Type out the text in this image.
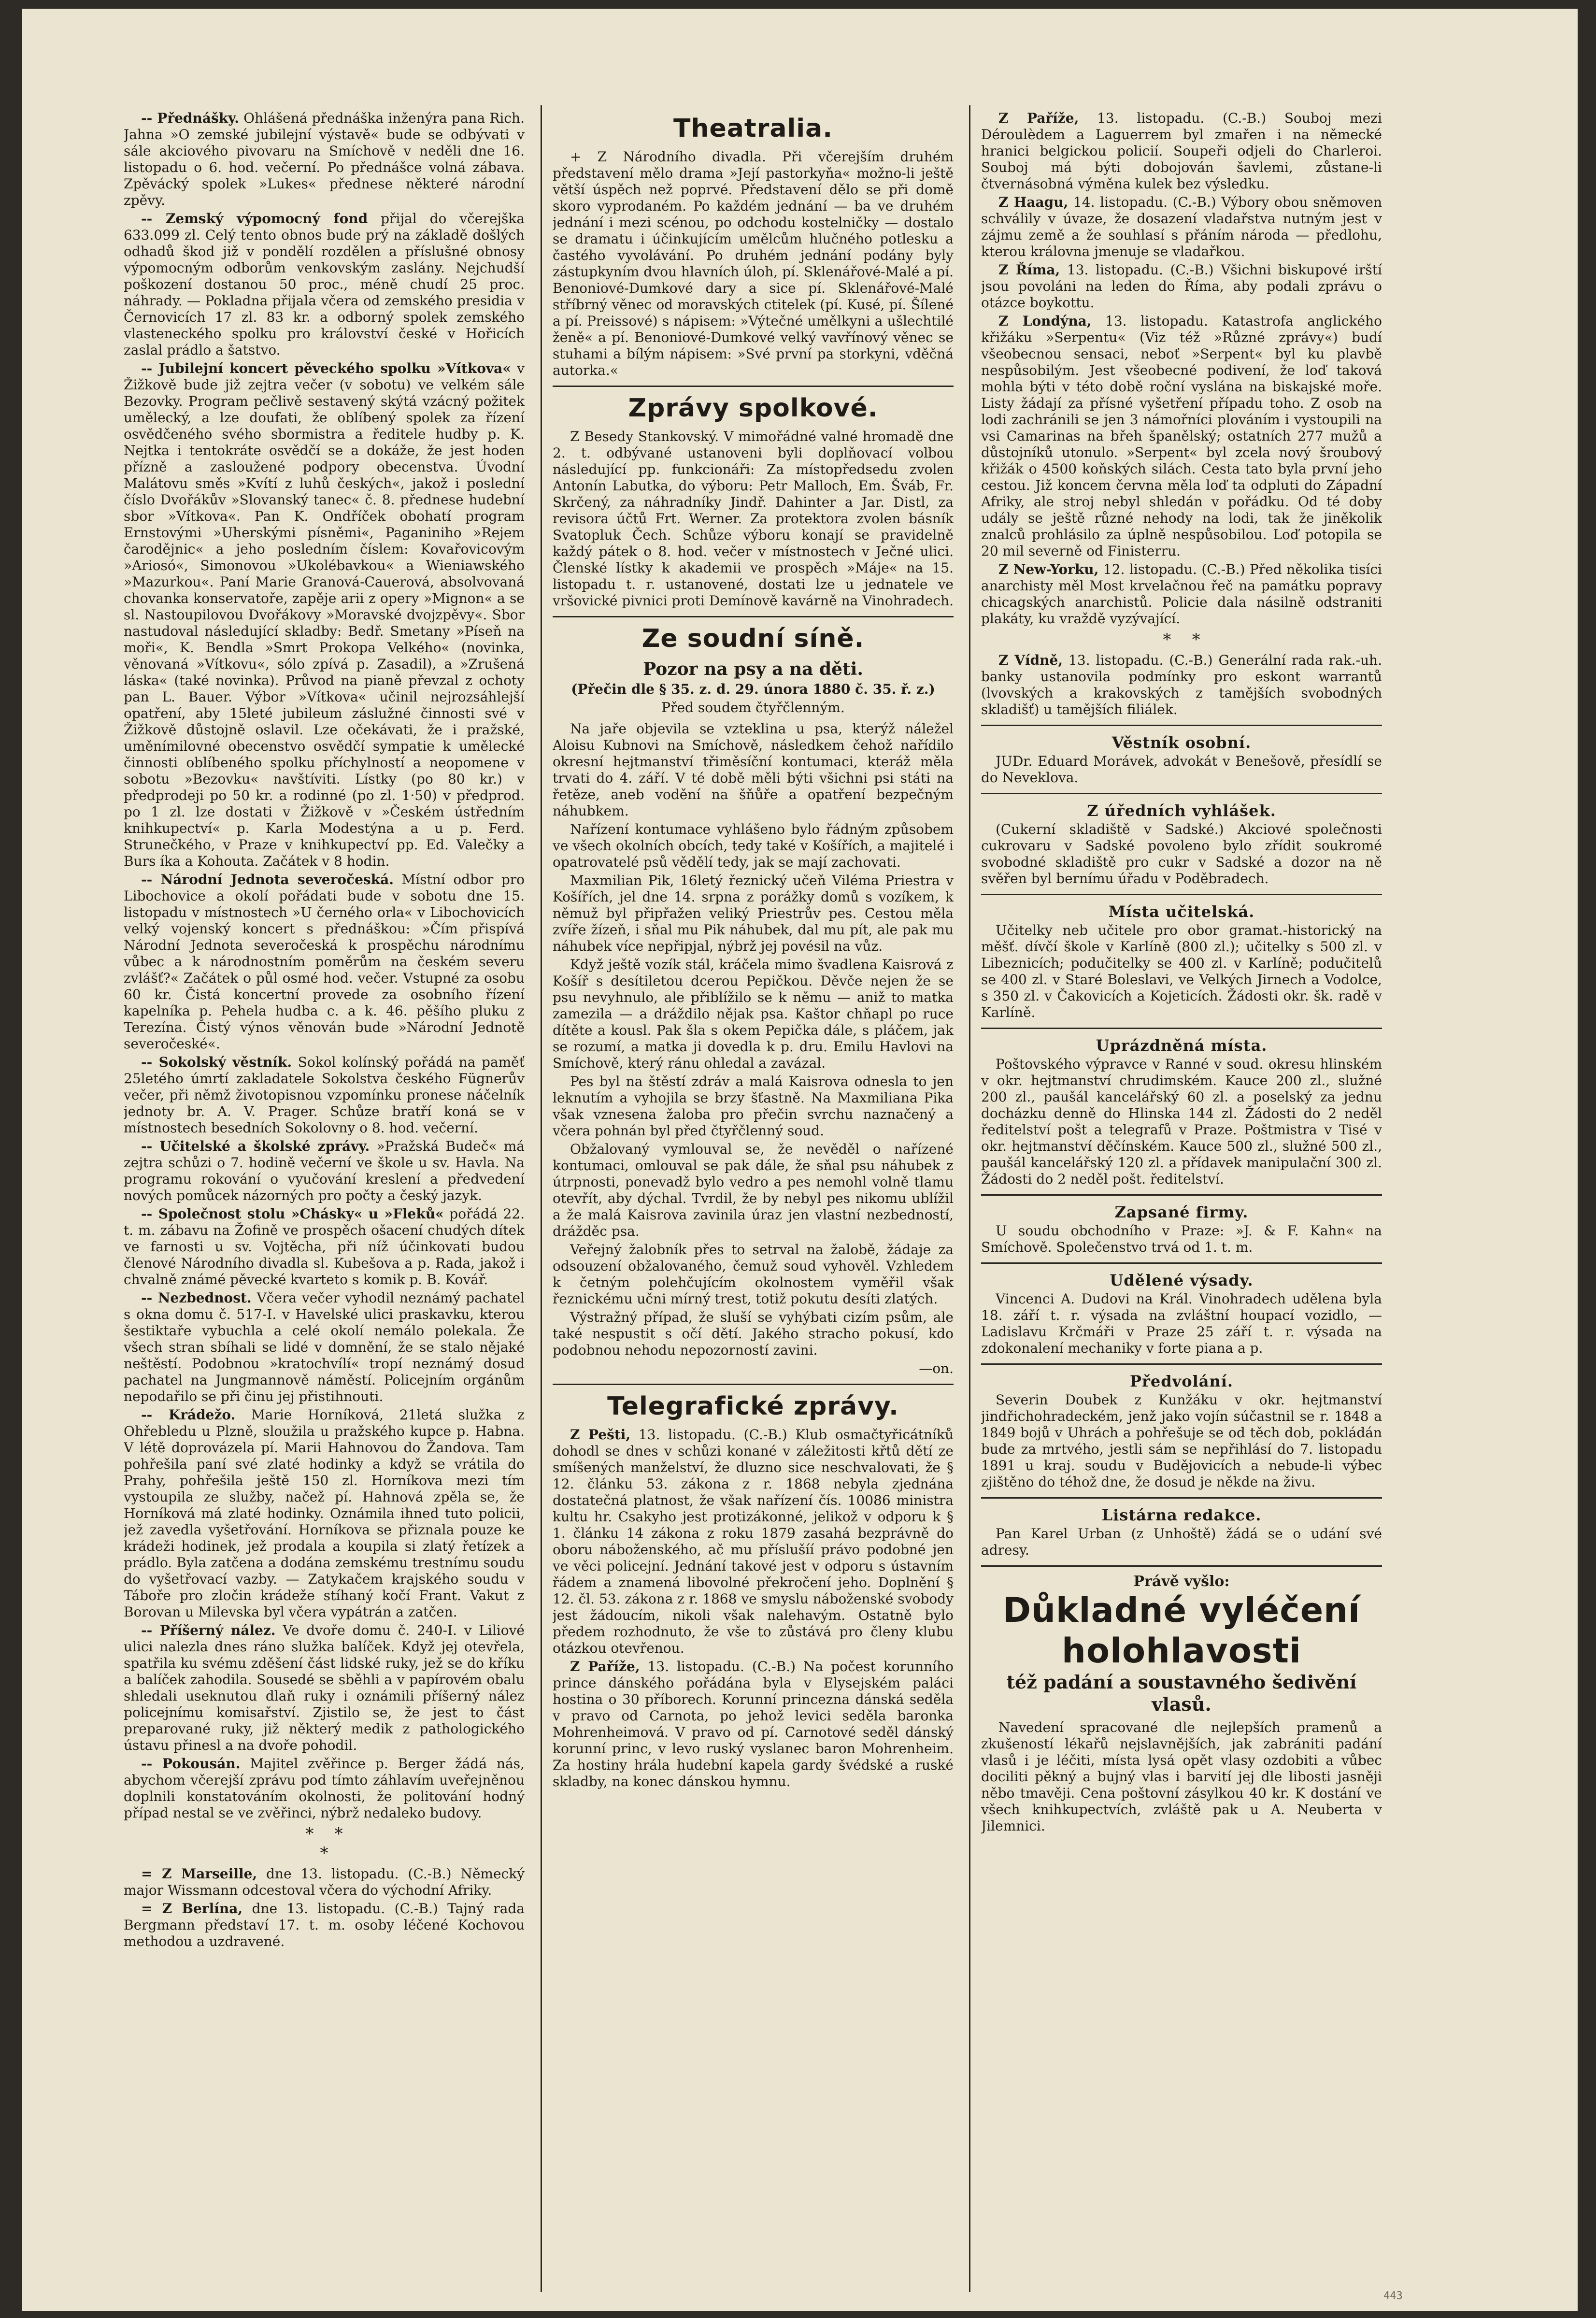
-- Přednášky. Ohlášená přednáška inženýra pana Rich. Jahna »O zemské jubilejní výstavě« bude se odbývati v sále akciového pivovaru na Smíchově v neděli dne 16. listopadu o 6. hod. večerní. Po přednášce volná zábava. Zpěvácký spolek »Lukes« přednese některé národní zpěvy.

-- Zemský výpomocný fond přijal do včerejška 633.099 zl. Celý tento obnos bude prý na základě došlých odhadů škod již v pondělí rozdělen a příslušné obnosy výpomocným odborům venkovským zaslány. Nejchudší poškození dostanou 50 proc., méně chudí 25 proc. náhrady. — Pokladna přijala včera od zemského presidia v Černovicích 17 zl. 83 kr. a odborný spolek zemského vlasteneckého spolku pro království české v Hořicích zaslal prádlo a šatstvo.

-- Jubilejní koncert pěveckého spolku »Vítkova« v Žižkově bude již zejtra večer (v sobotu) ve velkém sále Bezovky. Program pečlivě sestavený skýtá vzácný požitek umělecký, a lze doufati, že oblíbený spolek za řízení osvědčeného svého sbormistra a ředitele hudby p. K. Nejtka i tentokráte osvědčí se a dokáže, že jest hoden přízně a zasloužené podpory obecenstva. Úvodní Malátovu směs »Kvítí z luhů českých«, jakož i poslední číslo Dvořákův »Slovanský tanec« č. 8. přednese hudební sbor »Vítkova«. Pan K. Ondříček obohatí program Ernstovými »Uherskými písněmi«, Paganiniho »Rejem čarodějnic« a jeho posledním číslem: Kovařovicovým »Ariosó«, Simonovou »Ukolébavkou« a Wieniawského »Mazurkou«. Paní Marie Granová-Cauerová, absolvovaná chovanka konservatoře, zapěje arii z opery »Mignon« a se sl. Nastoupilovou Dvořákovy »Moravské dvojzpěvy«. Sbor nastudoval následující skladby: Bedř. Smetany »Píseň na moři«, K. Bendla »Smrt Prokopa Velkého« (novinka, věnovaná »Vítkovu«, sólo zpívá p. Zasadil), a »Zrušená láska« (také novinka). Průvod na pianě převzal z ochoty pan L. Bauer. Výbor »Vítkova« učinil nejrozsáhlejší opatření, aby 15leté jubileum záslužné činnosti své v Žižkově důstojně oslavil. Lze očekávati, že i pražské, uměnímilovné obecenstvo osvědčí sympatie k umělecké činnosti oblíbeného spolku příchylností a neopomene v sobotu »Bezovku« navštíviti. Lístky (po 80 kr.) v předprodeji po 50 kr. a rodinné (po zl. 1·50) v předprod. po 1 zl. lze dostati v Žižkově v »Českém ústředním knihkupectví« p. Karla Modestýna a u p. Ferd. Strunečkého, v Praze v knihkupectví pp. Ed. Valečky a Burs íka a Kohouta. Začátek v 8 hodin.

-- Národní Jednota severočeská. Místní odbor pro Libochovice a okolí pořádati bude v sobotu dne 15. listopadu v místnostech »U černého orla« v Libochovicích velký vojenský koncert s přednáškou: »Čím přispívá Národní Jednota severočeská k prospěchu národnímu vůbec a k národnostním poměrům na českém severu zvlášť?« Začátek o půl osmé hod. večer. Vstupné za osobu 60 kr. Čistá koncertní provede za osobního řízení kapelníka p. Pehela hudba c. a k. 46. pěšího pluku z Terezína. Čistý výnos věnován bude »Národní Jednotě severočeské«.

-- Sokolský věstník. Sokol kolínský pořádá na paměť 25letého úmrtí zakladatele Sokolstva českého Fügnerův večer, při němž životopisnou vzpomínku pronese náčelník jednoty br. A. V. Prager. Schůze bratří koná se v místnostech besedních Sokolovny o 8. hod. večerní.

-- Učitelské a školské zprávy. »Pražská Budeč« má zejtra schůzi o 7. hodině večerní ve škole u sv. Havla. Na programu rokování o vyučování kreslení a předvedení nových pomůcek názorných pro počty a český jazyk.

-- Společnost stolu »Chásky« u »Fleků« pořádá 22. t. m. zábavu na Žofině ve prospěch ošacení chudých dítek ve farnosti u sv. Vojtěcha, při níž účinkovati budou členové Národního divadla sl. Kubešova a p. Rada, jakož i chvalně známé pěvecké kvarteto s komik p. B. Kovář.

-- Nezbednost. Včera večer vyhodil neznámý pachatel s okna domu č. 517-I. v Havelské ulici praskavku, kterou šestiktaře vybuchla a celé okolí nemálo polekala. Že všech stran sbíhali se lidé v domnění, že se stalo nějaké neštěstí. Podobnou »kratochvílí« tropí neznámý dosud pachatel na Jungmannově náměstí. Policejním orgánům nepodařilo se při činu jej přistihnouti.

-- Krádežo. Marie Horníková, 21letá služka z Ohřebledu u Plzně, sloužila u pražského kupce p. Habna. V létě doprovázela pí. Marii Hahnovou do Žandova. Tam pohřešila paní své zlaté hodinky a když se vrátila do Prahy, pohřešila ještě 150 zl. Horníkova mezi tím vystoupila ze služby, načež pí. Hahnová zpěla se, že Horníková má zlaté hodinky. Oznámila ihned tuto policii, jež zavedla vyšetřování. Horníkova se přiznala pouze ke krádeži hodinek, jež prodala a koupila si zlatý řetízek a prádlo. Byla zatčena a dodána zemskému trestnímu soudu do vyšetřovací vazby. — Zatykačem krajského soudu v Táboře pro zločin krádeže stíhaný kočí Frant. Vakut z Borovan u Milevska byl včera vypátrán a zatčen.

-- Příšerný nález. Ve dvoře domu č. 240-I. v Liliové ulici nalezla dnes ráno služka balíček. Když jej otevřela, spatřila ku svému zděšení část lidské ruky, jež se do kříku a balíček zahodila. Sousedé se sběhli a v papírovém obalu shledali useknutou dlaň ruky i oznámili příšerný nález policejnímu komisařství. Zjistilo se, že jest to část preparované ruky, již některý medik z pathologického ústavu přinesl a na dvoře pohodil.

-- Pokousán. Majitel zvěřince p. Berger žádá nás, abychom včerejší zprávu pod tímto záhlavím uveřejněnou doplnili konstatováním okolnosti, že politování hodný případ nestal se ve zvěřinci, nýbrž nedaleko budovy.

*    *
*

= Z Marseille, dne 13. listopadu. (C.-B.) Německý major Wissmann odcestoval včera do východní Afriky.

= Z Berlína, dne 13. listopadu. (C.-B.) Tajný rada Bergmann představí 17. t. m. osoby léčené Kochovou methodou a uzdravené.

Theatralia.

+ Z Národního divadla. Při včerejším druhém představení mělo drama »Její pastorkyňa« možno-li ještě větší úspěch než poprvé. Představení dělo se při domě skoro vyprodaném. Po každém jednání — ba ve druhém jednání i mezi scénou, po odchodu kostelničky — dostalo se dramatu i účinkujícím umělcům hlučného potlesku a častého vyvolávání. Po druhém jednání podány byly zástupkyním dvou hlavních úloh, pí. Sklenářové-Malé a pí. Benoniové-Dumkové dary a sice pí. Sklenářové-Malé stříbrný věnec od moravských ctitelek (pí. Kusé, pí. Šílené a pí. Preissové) s nápisem: »Výtečné umělkyni a ušlechtilé ženě« a pí. Benoniové-Dumkové velký vavřínový věnec se stuhami a bílým nápisem: »Své první pa storkyni, vděčná autorka.«

Zprávy spolkové.

Z Besedy Stankovský. V mimořádné valné hromadě dne 2. t. odbývané ustanoveni byli doplňovací volbou následující pp. funkcionáři: Za místopředsedu zvolen Antonín Labutka, do výboru: Petr Malloch, Em. Šváb, Fr. Skrčený, za náhradníky Jindř. Dahinter a Jar. Distl, za revisora účtů Frt. Werner. Za protektora zvolen básník Svatopluk Čech. Schůze výboru konají se pravidelně každý pátek o 8. hod. večer v místnostech v Ječné ulici. Členské lístky k akademii ve prospěch »Máje« na 15. listopadu t. r. ustanovené, dostati lze u jednatele ve vršovické pivnici proti Demínově kavárně na Vinohradech.

Ze soudní síně.
Pozor na psy a na děti.
(Přečin dle § 35. z. d. 29. února 1880 č. 35. ř. z.)
Před soudem čtyřčlenným.

Na jaře objevila se vzteklina u psa, kterýž náležel Aloisu Kubnovi na Smíchově, následkem čehož nařídilo okresní hejtmanství třiměsíční kontumaci, kteráž měla trvati do 4. září. V té době měli býti všichni psi státi na řetěze, aneb vodění na šňůře a opatření bezpečným náhubkem.

Nařízení kontumace vyhlášeno bylo řádným způsobem ve všech okolních obcích, tedy také v Košířích, a majitelé i opatrovatelé psů vědělí tedy, jak se mají zachovati.

Maxmilian Pik, 16letý řeznický učeň Viléma Priestra v Košířích, jel dne 14. srpna z porážky domů s vozíkem, k němuž byl připřažen veliký Priestrův pes. Cestou měla zvíře žízeň, i sňal mu Pik náhubek, dal mu pít, ale pak mu náhubek více nepřipjal, nýbrž jej povésil na vůz.

Když ještě vozík stál, kráčela mimo švadlena Kaisrová z Košíř s desítiletou dcerou Pepičkou. Děvče nejen že se psu nevyhnulo, ale přiblížilo se k němu — aniž to matka zamezila — a dráždilo nějak psa. Kaštor chňapl po ruce dítěte a kousl. Pak šla s okem Pepička dále, s pláčem, jak se rozumí, a matka ji dovedla k p. dru. Emilu Havlovi na Smíchově, který ránu ohledal a zavázal.

Pes byl na štěstí zdráv a malá Kaisrova odnesla to jen leknutím a vyhojila se brzy šťastně. Na Maxmiliana Pika však vznesena žaloba pro přečin svrchu naznačený a včera pohnán byl před čtyřčlenný soud.

Obžalovaný vymlouval se, že nevěděl o nařízené kontumaci, omlouval se pak dále, že sňal psu náhubek z útrpnosti, ponevadž bylo vedro a pes nemohl volně tlamu otevřít, aby dýchal. Tvrdil, že by nebyl pes nikomu ublížil a že malá Kaisrova zavinila úraz jen vlastní nezbedností, drážděc psa.

Veřejný žalobník přes to setrval na žalobě, žádaje za odsouzení obžalovaného, čemuž soud vyhověl. Vzhledem k četným polehčujícím okolnostem vyměřil však řeznickému učni mírný trest, totiž pokutu desíti zlatých.

Výstražný případ, že sluší se vyhýbati cizím psům, ale také nespustit s očí dětí. Jakého stracho pokusí, kdo podobnou nehodu nepozorností zavini.

—on.
Telegrafické zprávy.

Z Pešti, 13. listopadu. (C.-B.) Klub osmačtyřicátníků dohodl se dnes v schůzi konané v záležitosti křtů dětí ze smíšených manželství, že dluzno sice neschvalovati, že § 12. článku 53. zákona z r. 1868 nebyla zjednána dostatečná platnost, že však nařízení čís. 10086 ministra kultu hr. Csakyho jest protizákonné, jelikož v odporu k § 1. článku 14 zákona z roku 1879 zasahá bezprávně do oboru náboženského, ač mu příslušíí právo podobné jen ve věci policejní. Jednání takové jest v odporu s ústavním řádem a znamená libovolné překročení jeho. Doplnění § 12. čl. 53. zákona z r. 1868 ve smyslu náboženské svobody jest žádoucím, nikoli však nalehavým. Ostatně bylo předem rozhodnuto, že vše to zůstává pro členy klubu otázkou otevřenou.

Z Paříže, 13. listopadu. (C.-B.) Na počest korunního prince dánského pořádána byla v Elysejském paláci hostina o 30 příborech. Korunní princezna dánská seděla v pravo od Carnota, po jehož levici seděla baronka Mohrenheimová. V pravo od pí. Carnotové seděl dánský korunní princ, v levo ruský vyslanec baron Mohrenheim. Za hostiny hrála hudební kapela gardy švédské a ruské skladby, na konec dánskou hymnu.

Z Paříže, 13. listopadu. (C.-B.) Souboj mezi Déroulèdem a Laguerrem byl zmařen i na německé hranici belgickou policií. Soupeři odjeli do Charleroi. Souboj má býti dobojován šavlemi, zůstane-li čtvernásobná výměna kulek bez výsledku.

Z Haagu, 14. listopadu. (C.-B.) Výbory obou sněmoven schválily v úvaze, že dosazení vladařstva nutným jest v zájmu země a že souhlasí s přáním národa — předlohu, kterou královna jmenuje se vladařkou.

Z Říma, 13. listopadu. (C.-B.) Všichni biskupové irští jsou povoláni na leden do Říma, aby podali zprávu o otázce boykottu.

Z Londýna, 13. listopadu. Katastrofa anglického křižáku »Serpentu« (Viz též »Různé zprávy«) budí všeobecnou sensaci, neboť »Serpent« byl ku plavbě nespůsobilým. Jest všeobecné podivení, že loď taková mohla býti v této době roční vyslána na biskajské moře. Listy žádají za přísné vyšetření případu toho. Z osob na lodi zachránili se jen 3 námořníci plováním i vystoupili na vsi Camarinas na břeh španělský; ostatních 277 mužů a důstojníků utonulo. »Serpent« byl zcela nový šroubový křižák o 4500 koňských silách. Cesta tato byla první jeho cestou. Již koncem června měla loď ta odpluti do Západní Afriky, ale stroj nebyl shledán v pořádku. Od té doby udály se ještě různé nehody na lodi, tak že jiněkolik znalců prohlásilo za úplně nespůsobilou. Loď potopila se 20 mil severně od Finisterru.

Z New-Yorku, 12. listopadu. (C.-B.) Před několika tisíci anarchisty měl Most krvelačnou řeč na památku popravy chicagských anarchistů. Policie dala násilně odstraniti plakáty, ku vraždě vyzývající.

*    *

Z Vídně, 13. listopadu. (C.-B.) Generální rada rak.-uh. banky ustanovila podmínky pro eskont warrantů (lvovských a krakovských z tamějších svobodných skladišť) u tamějších filiálek.

Věstník osobní.

JUDr. Eduard Morávek, advokát v Benešově, přesídlí se do Neveklova.

Z úředních vyhlášek.

(Cukerní skladiště v Sadské.) Akciové společnosti cukrovaru v Sadské povoleno bylo zřídit soukromé svobodné skladiště pro cukr v Sadské a dozor na ně svěřen byl bernímu úřadu v Poděbradech.

Místa učitelská.

Učitelky neb učitele pro obor gramat.-historický na měšť. dívčí škole v Karlíně (800 zl.); učitelky s 500 zl. v Libeznicích; podučitelky se 400 zl. v Karlíně; podučitelů se 400 zl. v Staré Boleslavi, ve Velkých Jirnech a Vodolce, s 350 zl. v Čakovicích a Kojeticích. Žádosti okr. šk. radě v Karlíně.

Uprázdněná místa.

Poštovského výpravce v Ranné v soud. okresu hlinském v okr. hejtmanství chrudimském. Kauce 200 zl., služné 200 zl., paušál kancelářský 60 zl. a poselský za jednu docházku denně do Hlinska 144 zl. Žádosti do 2 neděl ředitelství pošt a telegrafů v Praze. Poštmistra v Tisé v okr. hejtmanství děčínském. Kauce 500 zl., služné 500 zl., paušál kancelářský 120 zl. a přídavek manipulační 300 zl. Žádosti do 2 neděl pošt. ředitelství.

Zapsané firmy.

U soudu obchodního v Praze: »J. & F. Kahn« na Smíchově. Společenstvo trvá od 1. t. m.

Udělené výsady.

Vincenci A. Dudovi na Král. Vinohradech udělena byla 18. září t. r. výsada na zvláštní houpací vozidlo, — Ladislavu Krčmáři v Praze 25 září t. r. výsada na zdokonalení mechaniky v forte piana a p.

Předvolání.

Severin Doubek z Kunžáku v okr. hejtmanství jindřichohradeckém, jenž jako vojín súčastnil se r. 1848 a 1849 bojů v Uhrách a pohřešuje se od těch dob, pokládán bude za mrtvého, jestli sám se nepřihlásí do 7. listopadu 1891 u kraj. soudu v Budějovicích a nebude-li výbec zjištěno do téhož dne, že dosud je někde na živu.

Listárna redakce.

Pan Karel Urban (z Unhoště) žádá se o udání své adresy.

Právě vyšlo:
Důkladné vyléčení holohlavosti
též padání a soustavného šedivění vlasů.

Navedení spracované dle nejlepších pramenů a zkušeností lékařů nejslavnějších, jak zabrániti padání vlasů i je léčiti, místa lysá opět vlasy ozdobiti a vůbec dociliti pěkný a bujný vlas i barvití jej dle libosti jasněji něbo tmavěji. Cena poštovní zásylkou 40 kr. K dostání ve všech knihkupectvích, zvláště pak u A. Neuberta v Jilemnici.

443
